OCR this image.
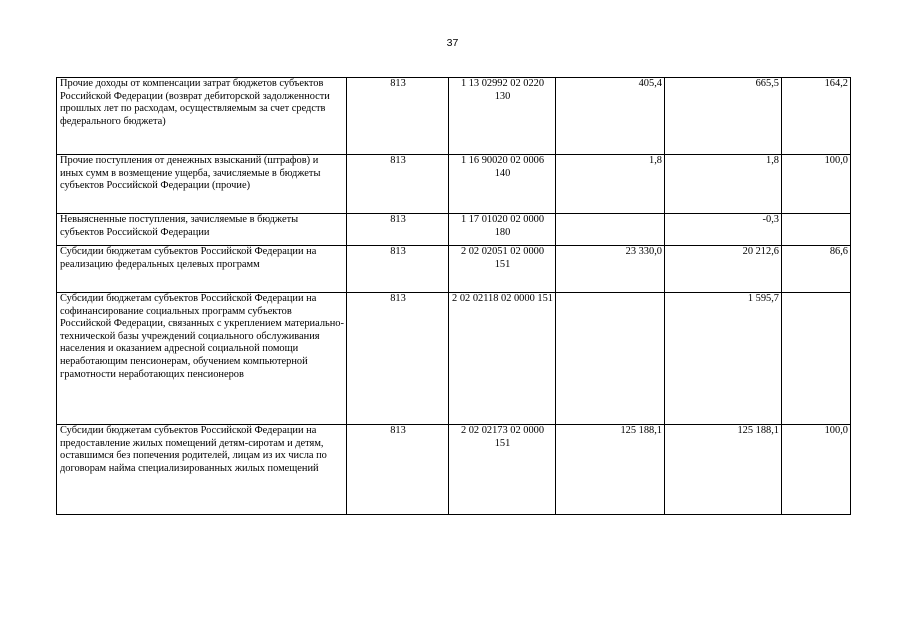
37
Прочие доходы от компенсации затрат бюджетов субъектов Российской Федерации (возврат дебиторской задолженности прошлых лет по расходам, осуществляемым за счет средств федерального бюджета)	813	1 13 02992 02 0220 130	405,4	665,5	164,2
Прочие поступления от денежных взысканий (штрафов) и иных сумм в возмещение ущерба, зачисляемые в бюджеты субъектов Российской Федерации (прочие)	813	1 16 90020 02 0006 140	1,8	1,8	100,0
Невыясненные поступления, зачисляемые в бюджеты субъектов Российской Федерации	813	1 17 01020 02 0000 180		-0,3	
Субсидии бюджетам субъектов Российской Федерации на реализацию федеральных целевых программ	813	2 02 02051 02 0000 151	23 330,0	20 212,6	86,6
Субсидии бюджетам субъектов Российской Федерации на софинансирование социальных программ субъектов Российской Федерации, связанных с укреплением материально-технической базы учреждений социального обслуживания населения и оказанием адресной социальной помощи неработающим пенсионерам, обучением компьютерной грамотности неработающих пенсионеров	813	2 02 02118 02 0000 151		1 595,7	
Субсидии бюджетам субъектов Российской Федерации на предоставление жилых помещений детям-сиротам и детям, оставшимся без попечения родителей, лицам из их числа по договорам найма специализированных жилых помещений	813	2 02 02173 02 0000 151	125 188,1	125 188,1	100,0
